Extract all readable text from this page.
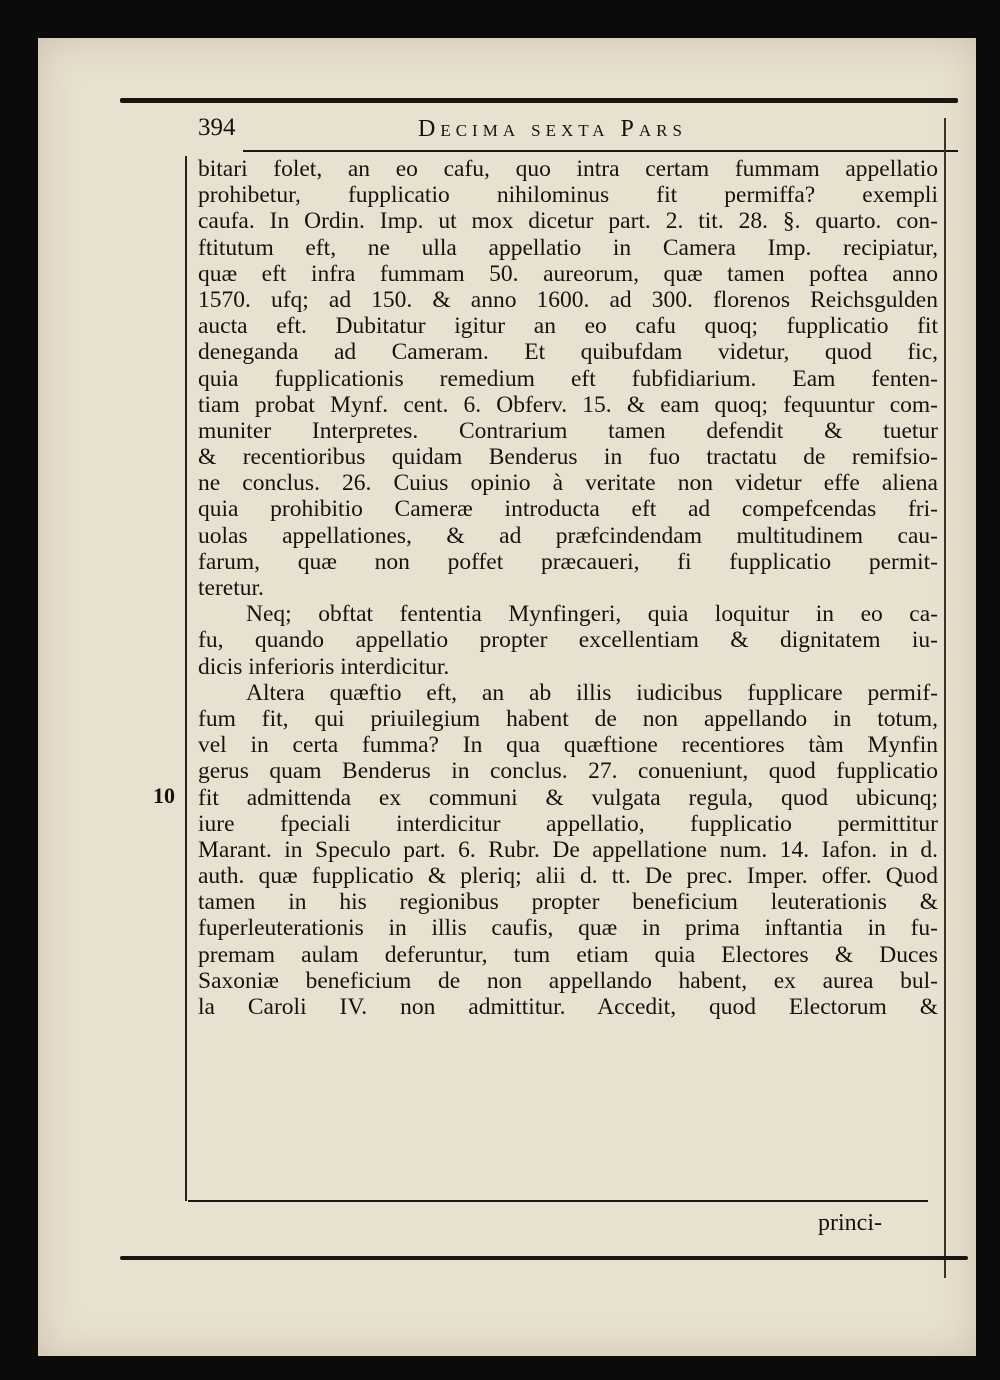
394	Decima sexta Pars
10
bitari folet, an eo cafu, quo intra certam fummam appellatio
prohibetur, fupplicatio nihilominus fit permiffa? exempli
caufa. In Ordin. Imp. ut mox dicetur part. 2. tit. 28. §. quarto. con-
ftitutum eft, ne ulla appellatio in Camera Imp. recipiatur,
quæ eft infra fummam 50. aureorum, quæ tamen poftea anno
1570. ufq; ad 150. & anno 1600. ad 300. florenos Reichsgulden
aucta eft. Dubitatur igitur an eo cafu quoq; fupplicatio fit
deneganda ad Cameram. Et quibufdam videtur, quod fic,
quia fupplicationis remedium eft fubfidiarium. Eam fenten-
tiam probat Mynf. cent. 6. Obferv. 15. & eam quoq; fequuntur com-
muniter Interpretes. Contrarium tamen defendit & tuetur
& recentioribus quidam Benderus in fuo tractatu de remifsio-
ne conclus. 26. Cuius opinio à veritate non videtur effe aliena
quia prohibitio Cameræ introducta eft ad compefcendas fri-
uolas appellationes, & ad præfcindendam multitudinem cau-
farum, quæ non poffet præcaueri, fi fupplicatio permit-
teretur.
Neq; obftat fententia Mynfingeri, quia loquitur in eo ca-
fu, quando appellatio propter excellentiam & dignitatem iu-
dicis inferioris interdicitur.
Altera quæftio eft, an ab illis iudicibus fupplicare permif-
fum fit, qui priuilegium habent de non appellando in totum,
vel in certa fumma? In qua quæftione recentiores tàm Mynfin
gerus quam Benderus in conclus. 27. conueniunt, quod fupplicatio
fit admittenda ex communi & vulgata regula, quod ubicunq;
iure fpeciali interdicitur appellatio, fupplicatio permittitur
Marant. in Speculo part. 6. Rubr. De appellatione num. 14. Iafon. in d.
auth. quæ fupplicatio & pleriq; alii d. tt. De prec. Imper. offer. Quod
tamen in his regionibus propter beneficium leuterationis &
fuperleuterationis in illis caufis, quæ in prima inftantia in fu-
premam aulam deferuntur, tum etiam quia Electores & Duces
Saxoniæ beneficium de non appellando habent, ex aurea bul-
la Caroli IV. non admittitur. Accedit, quod Electorum &
princi-
